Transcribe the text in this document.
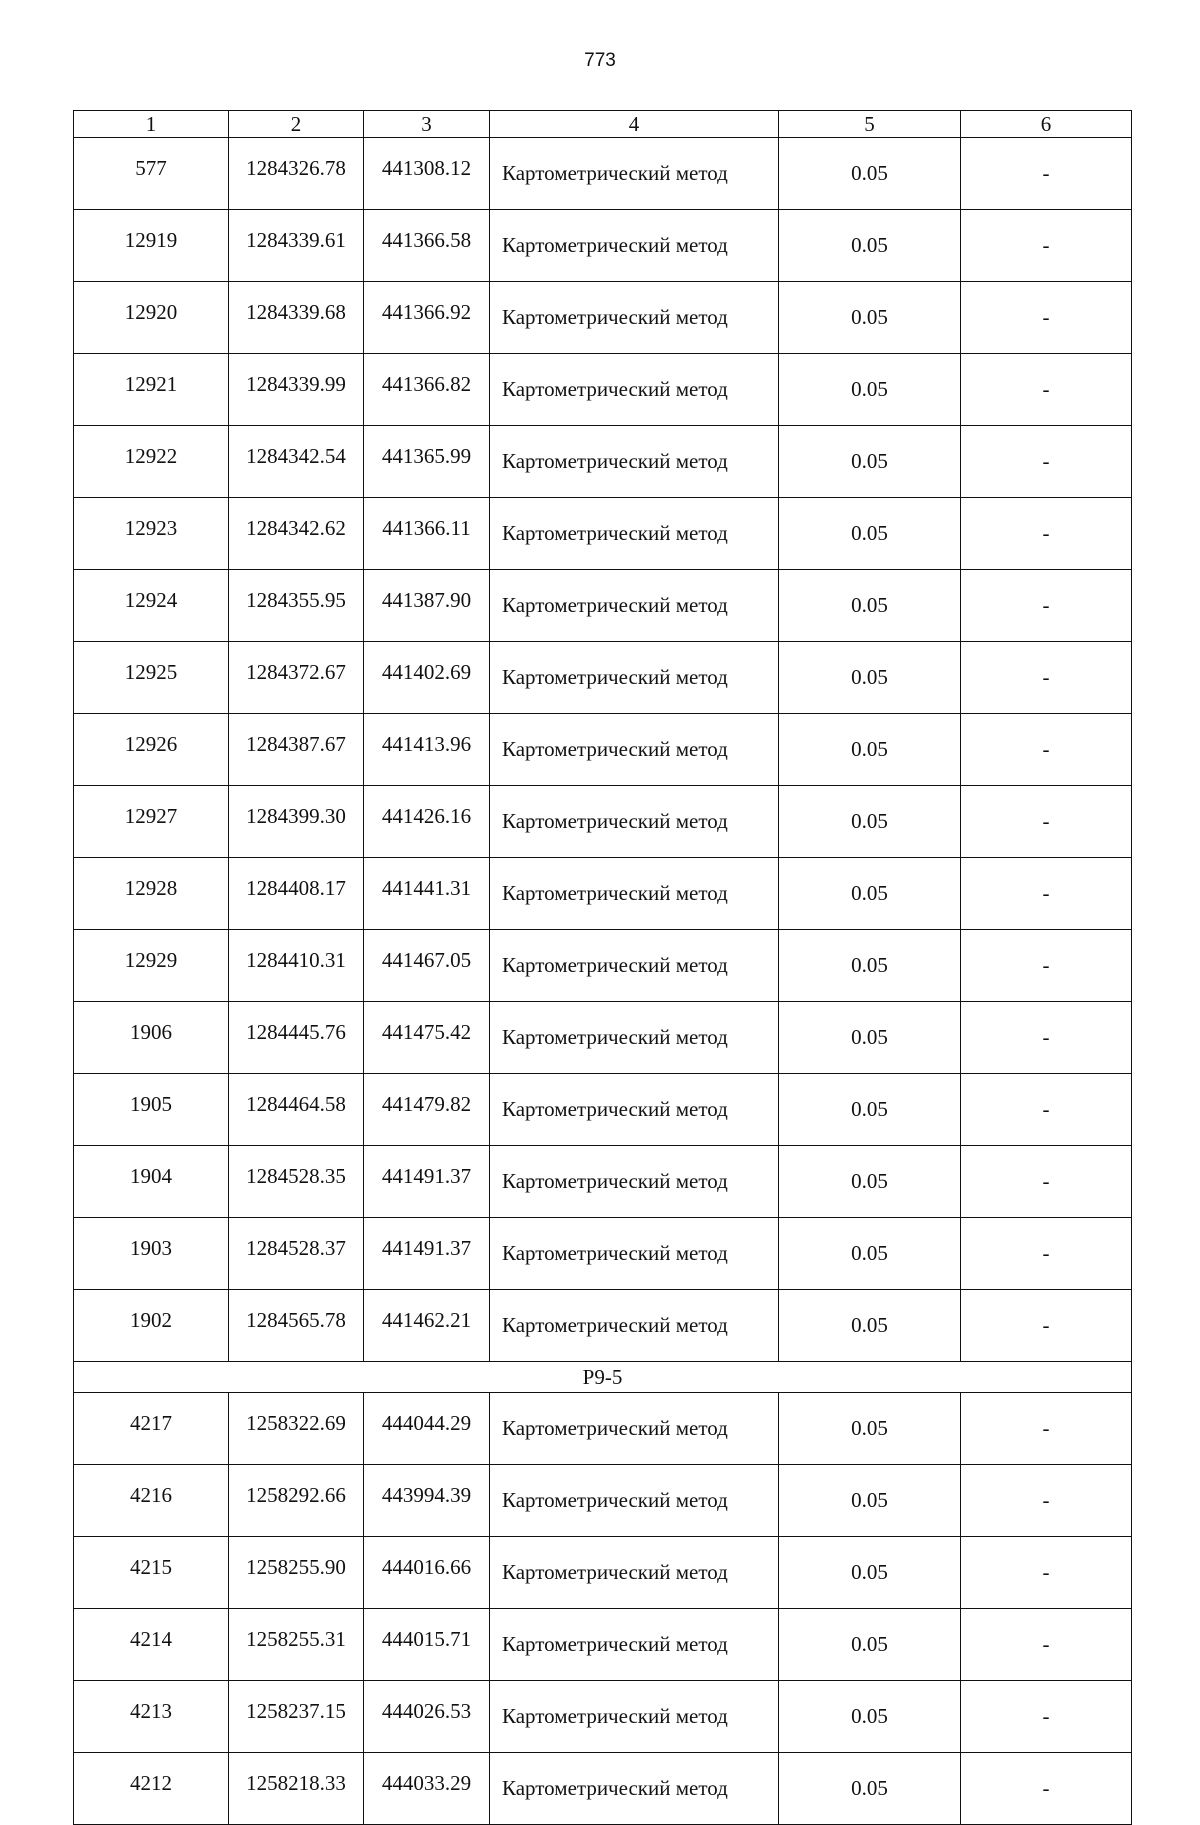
773
1	2	3	4	5	6
577	1284326.78	441308.12	Картометрический метод	0.05	-
12919	1284339.61	441366.58	Картометрический метод	0.05	-
12920	1284339.68	441366.92	Картометрический метод	0.05	-
12921	1284339.99	441366.82	Картометрический метод	0.05	-
12922	1284342.54	441365.99	Картометрический метод	0.05	-
12923	1284342.62	441366.11	Картометрический метод	0.05	-
12924	1284355.95	441387.90	Картометрический метод	0.05	-
12925	1284372.67	441402.69	Картометрический метод	0.05	-
12926	1284387.67	441413.96	Картометрический метод	0.05	-
12927	1284399.30	441426.16	Картометрический метод	0.05	-
12928	1284408.17	441441.31	Картометрический метод	0.05	-
12929	1284410.31	441467.05	Картометрический метод	0.05	-
1906	1284445.76	441475.42	Картометрический метод	0.05	-
1905	1284464.58	441479.82	Картометрический метод	0.05	-
1904	1284528.35	441491.37	Картометрический метод	0.05	-
1903	1284528.37	441491.37	Картометрический метод	0.05	-
1902	1284565.78	441462.21	Картометрический метод	0.05	-
Р9-5					
4217	1258322.69	444044.29	Картометрический метод	0.05	-
4216	1258292.66	443994.39	Картометрический метод	0.05	-
4215	1258255.90	444016.66	Картометрический метод	0.05	-
4214	1258255.31	444015.71	Картометрический метод	0.05	-
4213	1258237.15	444026.53	Картометрический метод	0.05	-
4212	1258218.33	444033.29	Картометрический метод	0.05	-
